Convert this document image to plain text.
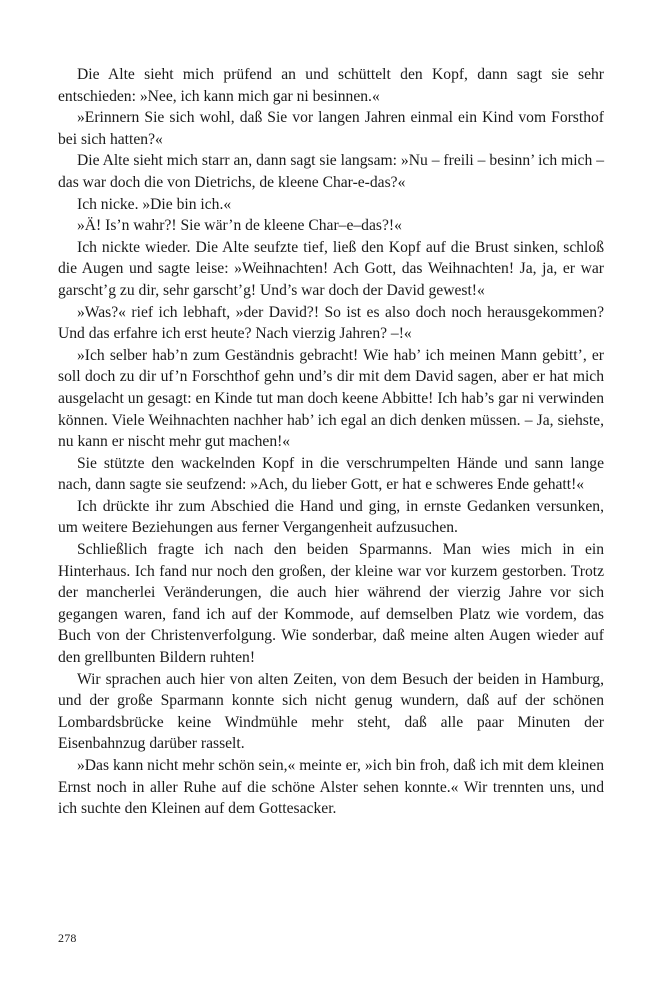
Die Alte sieht mich prüfend an und schüttelt den Kopf, dann sagt sie sehr entschieden: »Nee, ich kann mich gar ni besinnen.«

»Erinnern Sie sich wohl, daß Sie vor langen Jahren einmal ein Kind vom Forsthof bei sich hatten?«

Die Alte sieht mich starr an, dann sagt sie langsam: »Nu – freili – besinn’ ich mich – das war doch die von Dietrichs, de kleene Char-e-das?«

Ich nicke. »Die bin ich.«

»Ä! Is’n wahr?! Sie wär’n de kleene Char–e–das?!«

Ich nickte wieder. Die Alte seufzte tief, ließ den Kopf auf die Brust sinken, schloß die Augen und sagte leise: »Weihnachten! Ach Gott, das Weihnachten! Ja, ja, er war garscht’g zu dir, sehr garscht’g! Und’s war doch der David gewest!«

»Was?« rief ich lebhaft, »der David?! So ist es also doch noch herausgekommen? Und das erfahre ich erst heute? Nach vierzig Jahren? –!«

»Ich selber hab’n zum Geständnis gebracht! Wie hab’ ich meinen Mann gebitt’, er soll doch zu dir uf’n Forschthof gehn und’s dir mit dem David sagen, aber er hat mich ausgelacht un gesagt: en Kinde tut man doch keene Abbitte! Ich hab’s gar ni verwinden können. Viele Weihnachten nachher hab’ ich egal an dich denken müssen. – Ja, siehste, nu kann er nischt mehr gut machen!«

Sie stützte den wackelnden Kopf in die verschrumpelten Hände und sann lange nach, dann sagte sie seufzend: »Ach, du lieber Gott, er hat e schweres Ende gehatt!«

Ich drückte ihr zum Abschied die Hand und ging, in ernste Gedanken versunken, um weitere Beziehungen aus ferner Vergangenheit aufzusuchen.

Schließlich fragte ich nach den beiden Sparmanns. Man wies mich in ein Hinterhaus. Ich fand nur noch den großen, der kleine war vor kurzem gestorben. Trotz der mancherlei Veränderungen, die auch hier während der vierzig Jahre vor sich gegangen waren, fand ich auf der Kommode, auf demselben Platz wie vordem, das Buch von der Christenverfolgung. Wie sonderbar, daß meine alten Augen wieder auf den grellbunten Bildern ruhten!

Wir sprachen auch hier von alten Zeiten, von dem Besuch der beiden in Hamburg, und der große Sparmann konnte sich nicht genug wundern, daß auf der schönen Lombardsbrücke keine Windmühle mehr steht, daß alle paar Minuten der Eisenbahnzug darüber rasselt.

»Das kann nicht mehr schön sein,« meinte er, »ich bin froh, daß ich mit dem kleinen Ernst noch in aller Ruhe auf die schöne Alster sehen konnte.« Wir trennten uns, und ich suchte den Kleinen auf dem Gottesacker.

278
